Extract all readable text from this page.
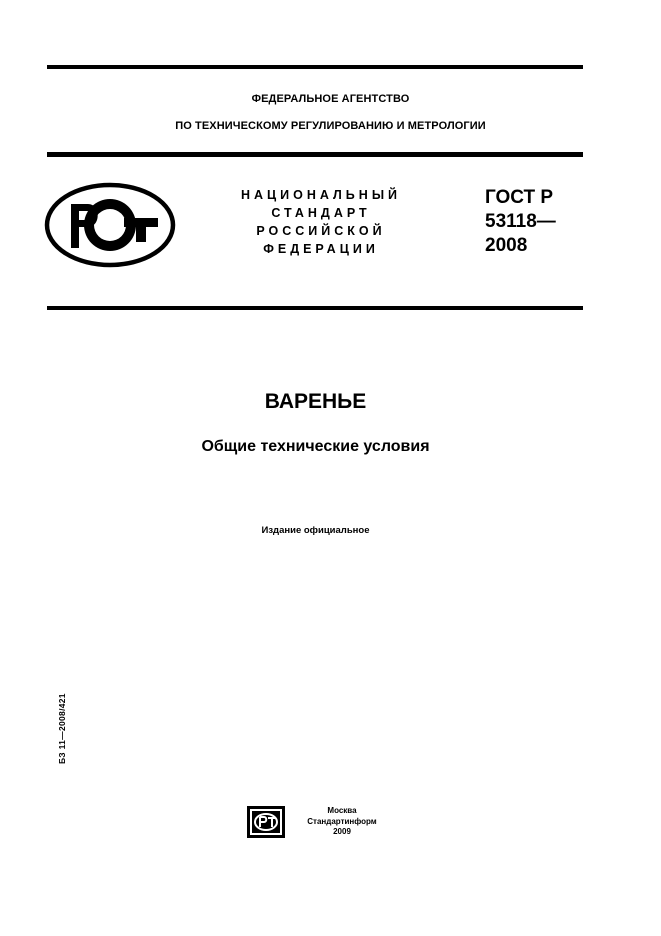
ФЕДЕРАЛЬНОЕ АГЕНТСТВО
ПО ТЕХНИЧЕСКОМУ РЕГУЛИРОВАНИЮ И МЕТРОЛОГИИ
НАЦИОНАЛЬНЫЙ
СТАНДАРТ
РОССИЙСКОЙ
ФЕДЕРАЦИИ
ГОСТ Р
53118—
2008
ВАРЕНЬЕ
Общие технические условия
Издание официальное
БЗ 11—2008/421
Москва
Стандартинформ
2009
